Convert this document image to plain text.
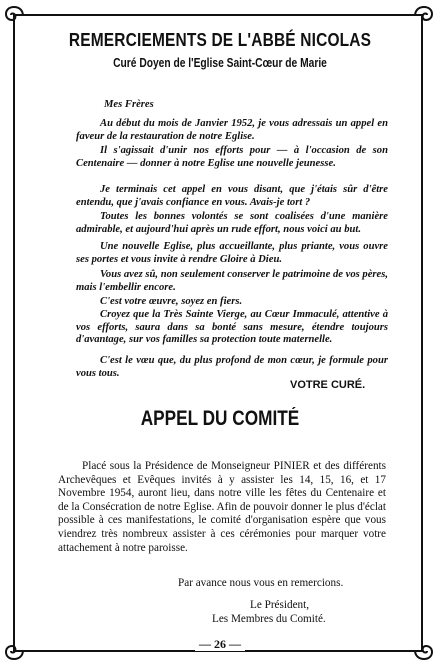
REMERCIEMENTS DE L'ABBÉ NICOLAS
Curé Doyen de l'Eglise Saint-Cœur de Marie
Mes Frères
Au début du mois de Janvier 1952, je vous adressais un appel en faveur de la restauration de notre Eglise.
Il s'agissait d'unir nos efforts pour — à l'occasion de son Centenaire — donner à notre Eglise une nouvelle jeunesse.
Je terminais cet appel en vous disant, que j'étais sûr d'être entendu, que j'avais confiance en vous. Avais-je tort ?
Toutes les bonnes volontés se sont coalisées d'une manière admirable, et aujourd'hui après un rude effort, nous voici au but.
Une nouvelle Eglise, plus accueillante, plus priante, vous ouvre ses portes et vous invite à rendre Gloire à Dieu.
Vous avez sû, non seulement conserver le patrimoine de vos pères, mais l'embellir encore.
C'est votre œuvre, soyez en fiers.
Croyez que la Très Sainte Vierge, au Cœur Immaculé, attentive à vos efforts, saura dans sa bonté sans mesure, étendre toujours d'avantage, sur vos familles sa protection toute maternelle.
C'est le vœu que, du plus profond de mon cœur, je formule pour vous tous.
VOTRE CURÉ.
APPEL DU COMITÉ
Placé sous la Présidence de Monseigneur PINIER et des différents Archevêques et Evêques invités à y assister les 14, 15, 16, et 17 Novembre 1954, auront lieu, dans notre ville les fêtes du Centenaire et de la Consécration de notre Eglise. Afin de pouvoir donner le plus d'éclat possible à ces manifestations, le comité d'organisation espère que vous viendrez très nombreux assister à ces cérémonies pour marquer votre attachement à notre paroisse.
Par avance nous vous en remercions.
Le Président,
Les Membres du Comité.
— 26 —
